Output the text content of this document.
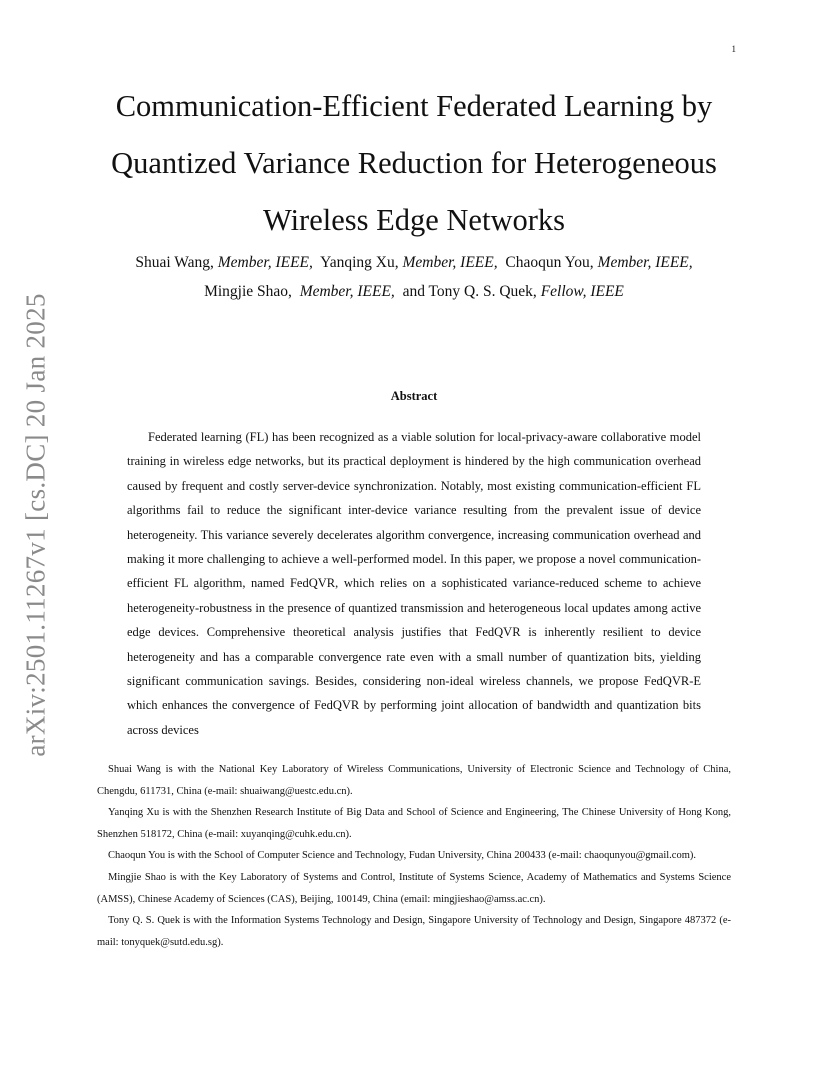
1
arXiv:2501.11267v1 [cs.DC] 20 Jan 2025
Communication-Efficient Federated Learning by Quantized Variance Reduction for Heterogeneous Wireless Edge Networks
Shuai Wang, Member, IEEE, Yanqing Xu, Member, IEEE, Chaoqun You, Member, IEEE,
Mingjie Shao, Member, IEEE, and Tony Q. S. Quek, Fellow, IEEE
Abstract

Federated learning (FL) has been recognized as a viable solution for local-privacy-aware collaborative model training in wireless edge networks, but its practical deployment is hindered by the high communication overhead caused by frequent and costly server-device synchronization. Notably, most existing communication-efficient FL algorithms fail to reduce the significant inter-device variance resulting from the prevalent issue of device heterogeneity. This variance severely decelerates algorithm convergence, increasing communication overhead and making it more challenging to achieve a well-performed model. In this paper, we propose a novel communication-efficient FL algorithm, named FedQVR, which relies on a sophisticated variance-reduced scheme to achieve heterogeneity-robustness in the presence of quantized transmission and heterogeneous local updates among active edge devices. Comprehensive theoretical analysis justifies that FedQVR is inherently resilient to device heterogeneity and has a comparable convergence rate even with a small number of quantization bits, yielding significant communication savings. Besides, considering non-ideal wireless channels, we propose FedQVR-E which enhances the convergence of FedQVR by performing joint allocation of bandwidth and quantization bits across devices

Shuai Wang is with the National Key Laboratory of Wireless Communications, University of Electronic Science and Technology of China, Chengdu, 611731, China (e-mail: shuaiwang@uestc.edu.cn).

Yanqing Xu is with the Shenzhen Research Institute of Big Data and School of Science and Engineering, The Chinese University of Hong Kong, Shenzhen 518172, China (e-mail: xuyanqing@cuhk.edu.cn).

Chaoqun You is with the School of Computer Science and Technology, Fudan University, China 200433 (e-mail: chaoqunyou@gmail.com).

Mingjie Shao is with the Key Laboratory of Systems and Control, Institute of Systems Science, Academy of Mathematics and Systems Science (AMSS), Chinese Academy of Sciences (CAS), Beijing, 100149, China (email: mingjieshao@amss.ac.cn).

Tony Q. S. Quek is with the Information Systems Technology and Design, Singapore University of Technology and Design, Singapore 487372 (e-mail: tonyquek@sutd.edu.sg).
